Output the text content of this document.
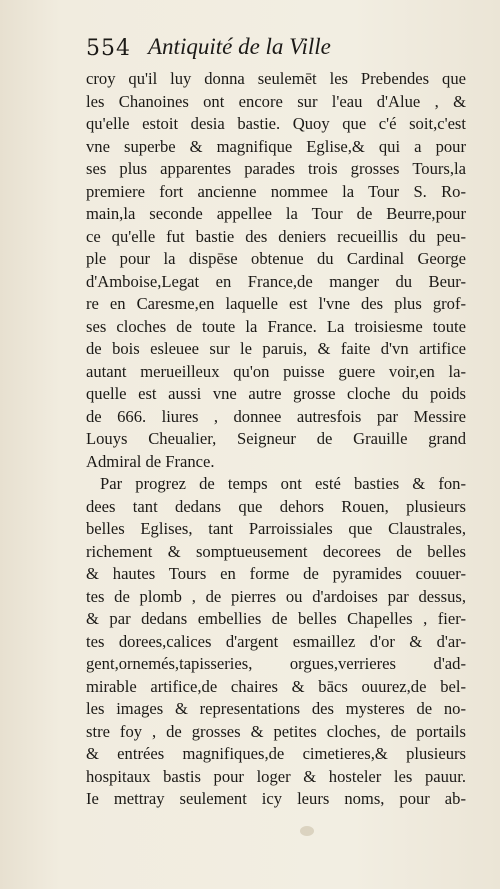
554 Antiquité de la Ville
croy qu'il luy donna seulemēt les Prebendes que
les Chanoines ont encore sur l'eau d'Alue , &
qu'elle estoit desia bastie. Quoy que c'é soit,c'est
vne superbe & magnifique Eglise,& qui a pour
ses plus apparentes parades trois grosses Tours,la
premiere fort ancienne nommee la Tour S. Ro-
main,la seconde appellee la Tour de Beurre,pour
ce qu'elle fut bastie des deniers recueillis du peu-
ple pour la dispēse obtenue du Cardinal George
d'Amboise,Legat en France,de manger du Beur-
re en Caresme,en laquelle est l'vne des plus grof-
ses cloches de toute la France. La troisiesme toute
de bois esleuee sur le paruis, & faite d'vn artifice
autant merueilleux qu'on puisse guere voir,en la-
quelle est aussi vne autre grosse cloche du poids
de 666. liures , donnee autresfois par Messire
Louys Cheualier, Seigneur de Grauille grand
Admiral de France.
Par progrez de temps ont esté basties & fon-
dees tant dedans que dehors Rouen, plusieurs
belles Eglises, tant Parroissiales que Claustrales,
richement & somptueusement decorees de belles
& hautes Tours en forme de pyramides couuer-
tes de plomb , de pierres ou d'ardoises par dessus,
& par dedans embellies de belles Chapelles , fier-
tes dorees,calices d'argent esmaillez d'or & d'ar-
gent,ornemés,tapisseries, orgues,verrieres d'ad-
mirable artifice,de chaires & bācs ouurez,de bel-
les images & representations des mysteres de no-
stre foy , de grosses & petites cloches, de portails
& entrées magnifiques,de cimetieres,& plusieurs
hospitaux bastis pour loger & hosteler les pauur.
Ie mettray seulement icy leurs noms, pour ab-
